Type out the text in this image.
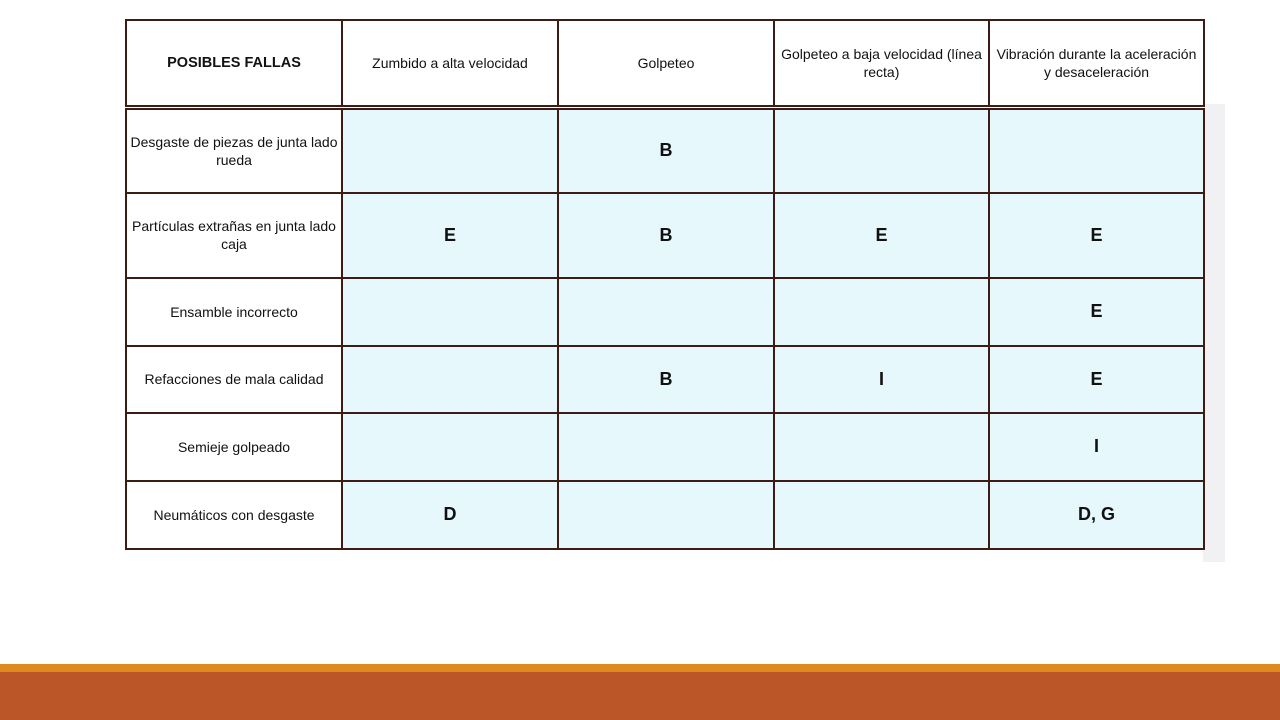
POSIBLES FALLAS	Zumbido a alta velocidad	Golpeteo	Golpeteo a baja velocidad (línea recta)	Vibración durante la aceleración y desaceleración
Desgaste de piezas de junta lado rueda		B		
Partículas extrañas en junta lado caja	E	B	E	E
Ensamble incorrecto				E
Refacciones de mala calidad		B	I	E
Semieje golpeado				I
Neumáticos con desgaste	D			D, G
